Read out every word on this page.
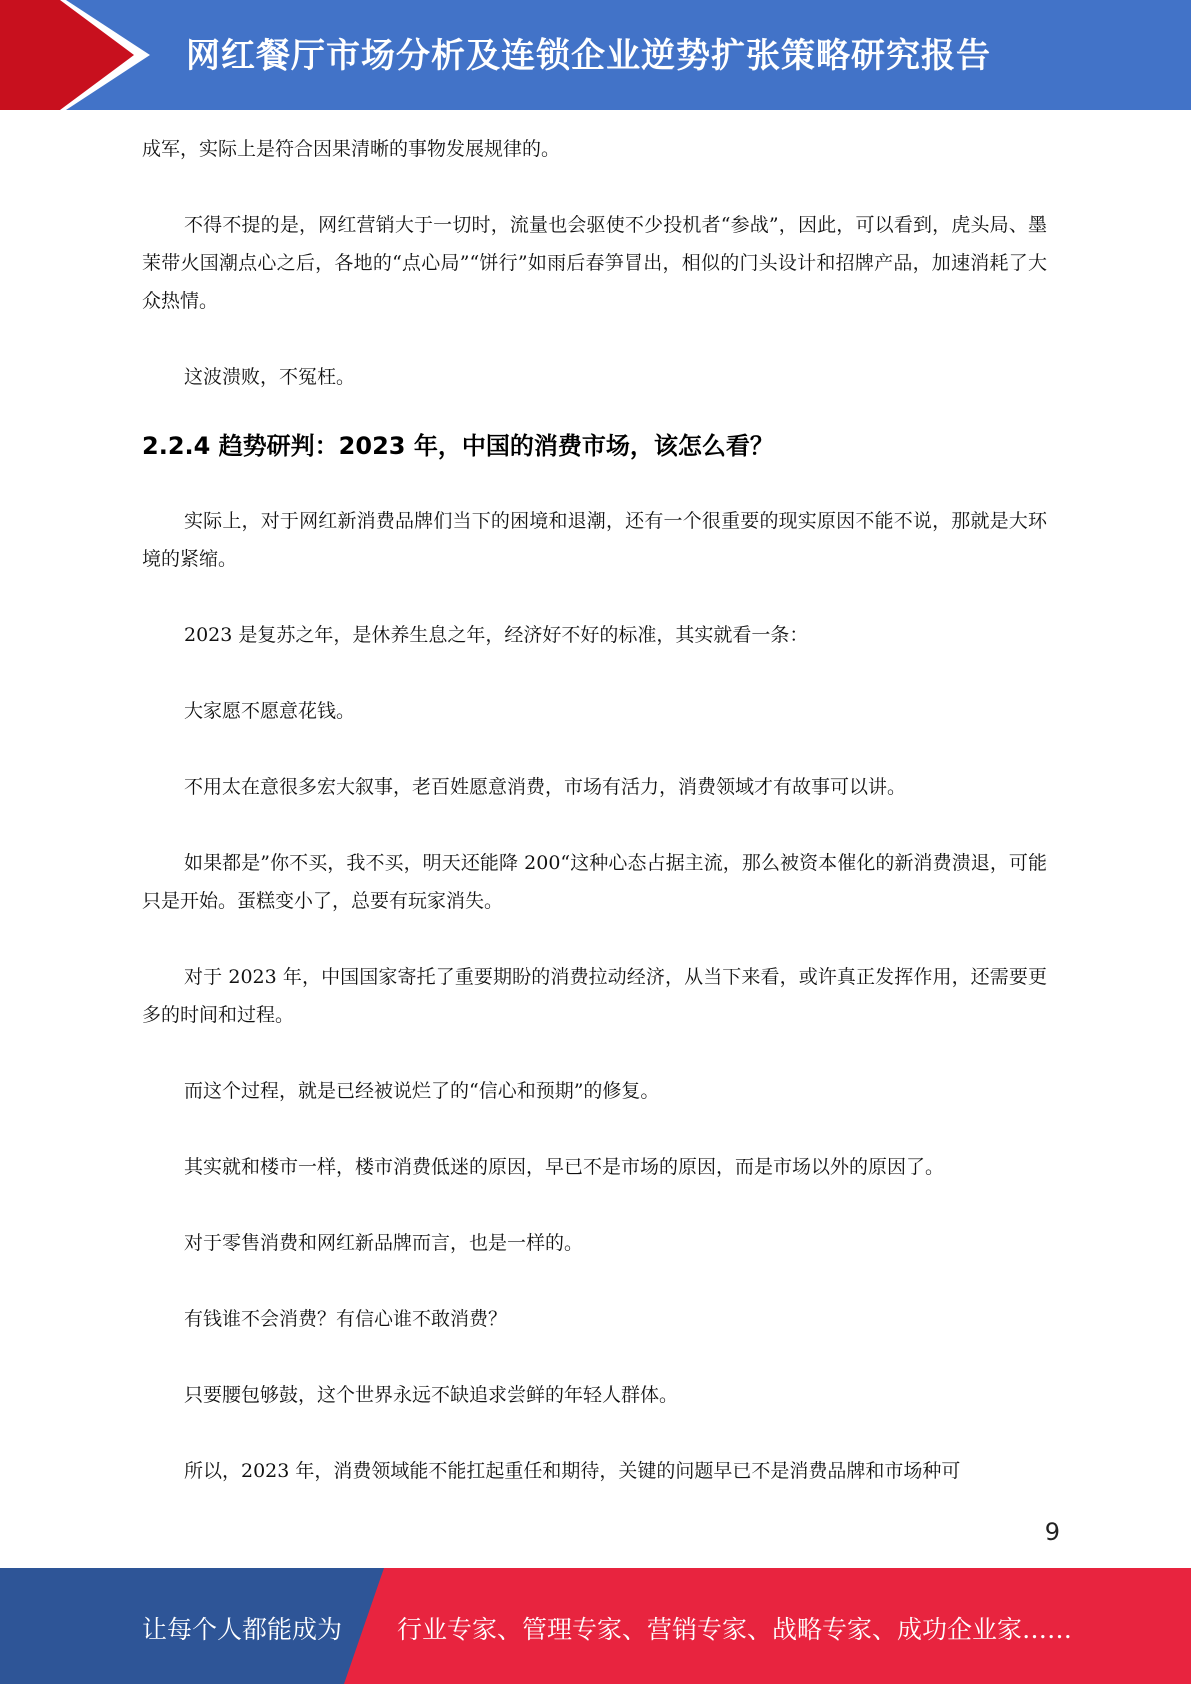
网红餐厅市场分析及连锁企业逆势扩张策略研究报告

成军，实际上是符合因果清晰的事物发展规律的。

不得不提的是，网红营销大于一切时，流量也会驱使不少投机者“参战”，因此，可以看到，虎头局、墨茉带火国潮点心之后，各地的“点心局”“饼行”如雨后春笋冒出，相似的门头设计和招牌产品，加速消耗了大众热情。

这波溃败，不冤枉。

2.2.4 趋势研判：2023 年，中国的消费市场，该怎么看？

实际上，对于网红新消费品牌们当下的困境和退潮，还有一个很重要的现实原因不能不说，那就是大环境的紧缩。

2023 是复苏之年，是休养生息之年，经济好不好的标准，其实就看一条：

大家愿不愿意花钱。

不用太在意很多宏大叙事，老百姓愿意消费，市场有活力，消费领域才有故事可以讲。

如果都是”你不买，我不买，明天还能降 200“这种心态占据主流，那么被资本催化的新消费溃退，可能只是开始。蛋糕变小了，总要有玩家消失。

对于 2023 年，中国国家寄托了重要期盼的消费拉动经济，从当下来看，或许真正发挥作用，还需要更多的时间和过程。

而这个过程，就是已经被说烂了的“信心和预期”的修复。

其实就和楼市一样，楼市消费低迷的原因，早已不是市场的原因，而是市场以外的原因了。

对于零售消费和网红新品牌而言，也是一样的。

有钱谁不会消费？有信心谁不敢消费？

只要腰包够鼓，这个世界永远不缺追求尝鲜的年轻人群体。

所以，2023 年，消费领域能不能扛起重任和期待，关键的问题早已不是消费品牌和市场种可

9
让每个人都能成为 行业专家、管理专家、营销专家、战略专家、成功企业家……
